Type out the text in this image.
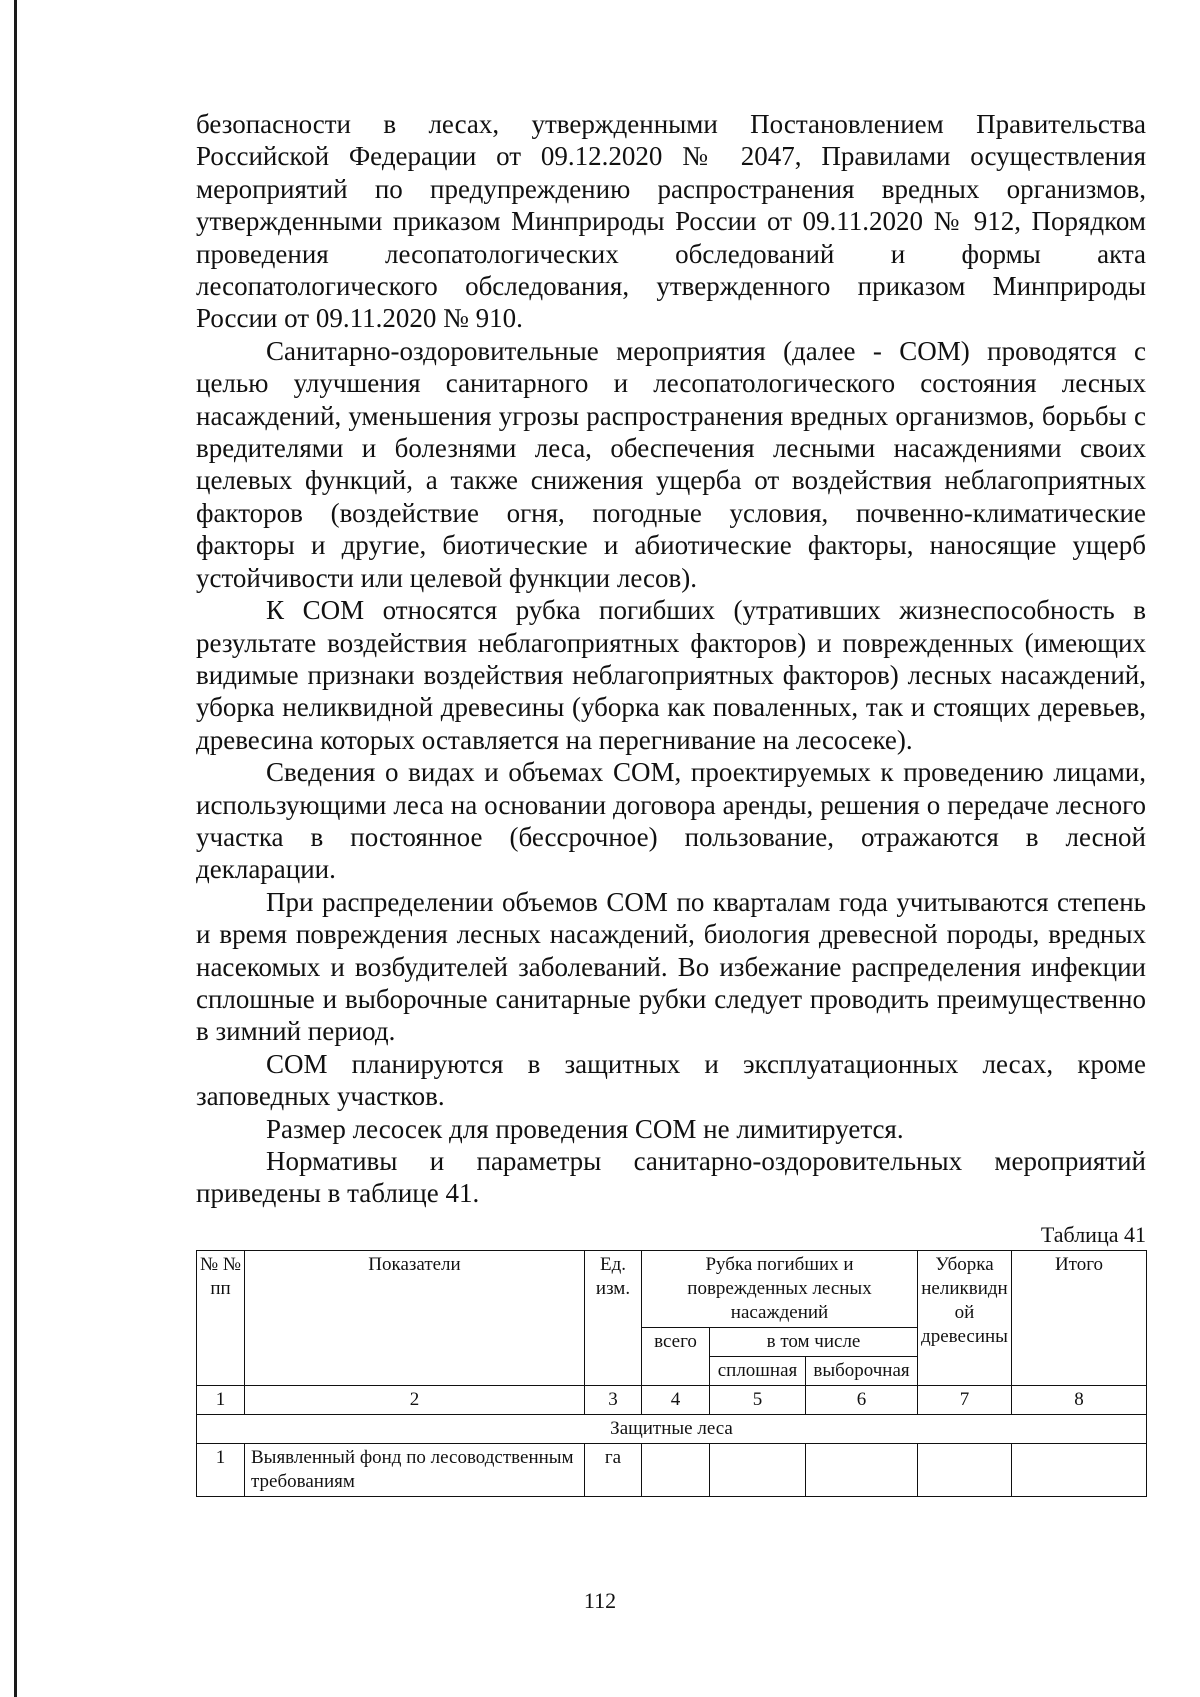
безопасности в лесах, утвержденными Постановлением Правительства Российской Федерации от 09.12.2020 № 2047, Правилами осуществления мероприятий по предупреждению распространения вредных организмов, утвержденными приказом Минприроды России от 09.11.2020 № 912, Порядком проведения лесопатологических обследований и формы акта лесопатологического обследования, утвержденного приказом Минприроды России от 09.11.2020 № 910.

Санитарно-оздоровительные мероприятия (далее - СОМ) проводятся с целью улучшения санитарного и лесопатологического состояния лесных насаждений, уменьшения угрозы распространения вредных организмов, борьбы с вредителями и болезнями леса, обеспечения лесными насаждениями своих целевых функций, а также снижения ущерба от воздействия неблагоприятных факторов (воздействие огня, погодные условия, почвенно-климатические факторы и другие, биотические и абиотические факторы, наносящие ущерб устойчивости или целевой функции лесов).

К СОМ относятся рубка погибших (утративших жизнеспособность в результате воздействия неблагоприятных факторов) и поврежденных (имеющих видимые признаки воздействия неблагоприятных факторов) лесных насаждений, уборка неликвидной древесины (уборка как поваленных, так и стоящих деревьев, древесина которых оставляется на перегнивание на лесосеке).

Сведения о видах и объемах СОМ, проектируемых к проведению лицами, использующими леса на основании договора аренды, решения о передаче лесного участка в постоянное (бессрочное) пользование, отражаются в лесной декларации.

При распределении объемов СОМ по кварталам года учитываются степень и время повреждения лесных насаждений, биология древесной породы, вредных насекомых и возбудителей заболеваний. Во избежание распределения инфекции сплошные и выборочные санитарные рубки следует проводить преимущественно в зимний период.

СОМ планируются в защитных и эксплуатационных лесах, кроме заповедных участков.

Размер лесосек для проведения СОМ не лимитируется.

Нормативы и параметры санитарно-оздоровительных мероприятий приведены в таблице 41.

Таблица 41
№ № пп	Показатели	Ед. изм.	Рубка погибших и поврежденных лесных насаждений			Уборка неликвидной древесины	Итого
			всего	в том числе			
				сплошная	выборочная		
1	2	3	4	5	6	7	8
Защитные леса							
1	Выявленный фонд по лесоводственным требованиям	га					
112
